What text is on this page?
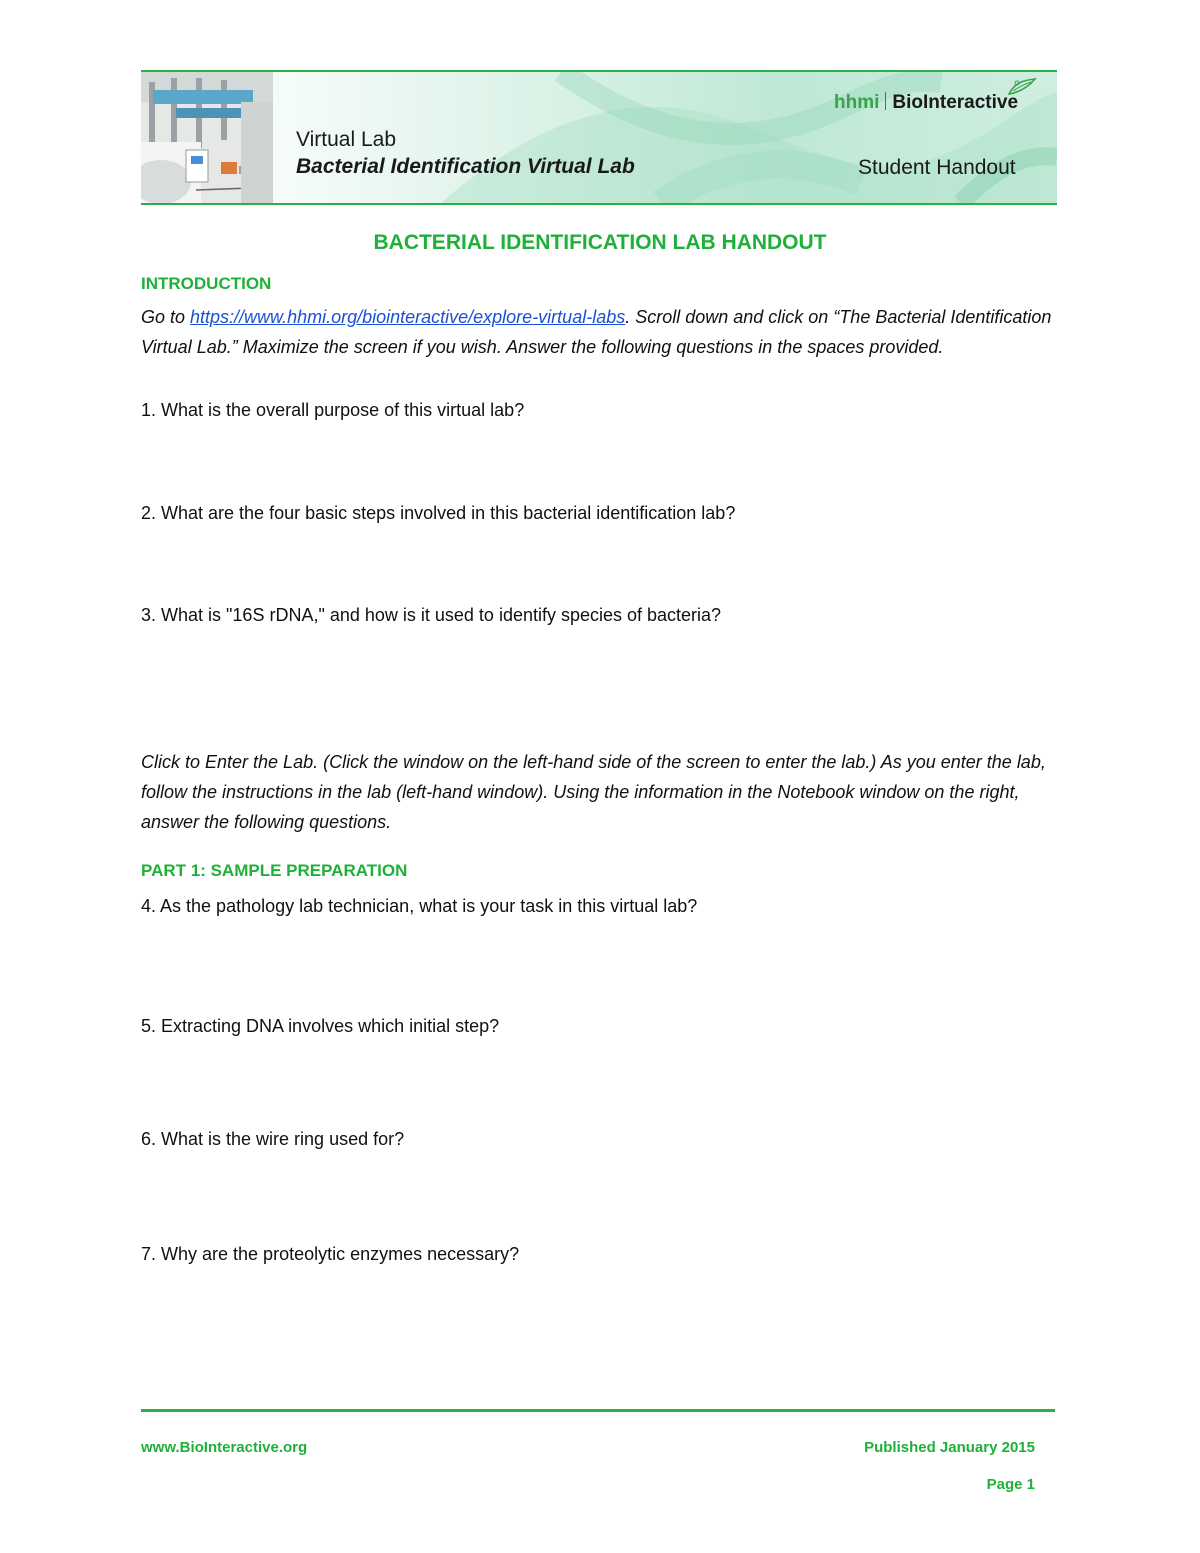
Virtual Lab
Bacterial Identification Virtual Lab
hhmi BioInteractive
Student Handout
BACTERIAL IDENTIFICATION LAB HANDOUT
INTRODUCTION
Go to https://www.hhmi.org/biointeractive/explore-virtual-labs. Scroll down and click on “The Bacterial Identification Virtual Lab.” Maximize the screen if you wish. Answer the following questions in the spaces provided.
1. What is the overall purpose of this virtual lab?
2. What are the four basic steps involved in this bacterial identification lab?
3. What is "16S rDNA," and how is it used to identify species of bacteria?
Click to Enter the Lab. (Click the window on the left-hand side of the screen to enter the lab.) As you enter the lab, follow the instructions in the lab (left-hand window). Using the information in the Notebook window on the right, answer the following questions.
PART 1: SAMPLE PREPARATION
4. As the pathology lab technician, what is your task in this virtual lab?
5. Extracting DNA involves which initial step?
6. What is the wire ring used for?
7. Why are the proteolytic enzymes necessary?
www.BioInteractive.org	Published January 2015
Page 1
